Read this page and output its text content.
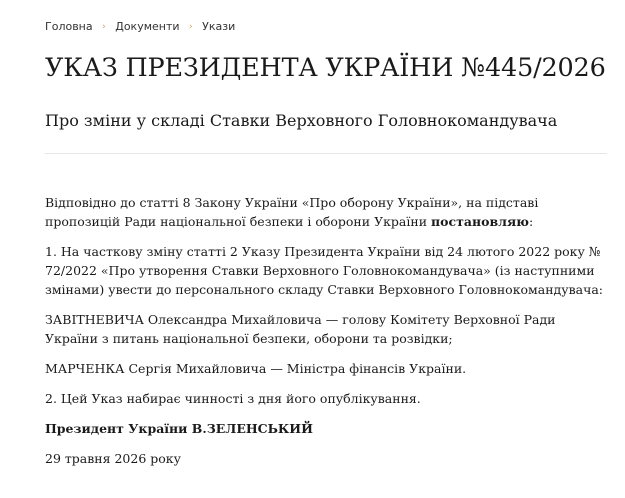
Головна › Документи › Укази
УКАЗ ПРЕЗИДЕНТА УКРАЇНИ №445/2026
Про зміни у складі Ставки Верховного Головнокомандувача

Відповідно до статті 8 Закону України «Про оборону України», на підставі пропозицій Ради національної безпеки і оборони України постановляю:

1. На часткову зміну статті 2 Указу Президента України від 24 лютого 2022 року № 72/2022 «Про утворення Ставки Верховного Головнокомандувача» (із наступними змінами) увести до персонального складу Ставки Верховного Головнокомандувача:

ЗАВІТНЕВИЧА Олександра Михайловича — голову Комітету Верховної Ради України з питань національної безпеки, оборони та розвідки;

МАРЧЕНКА Сергія Михайловича — Міністра фінансів України.

2. Цей Указ набирає чинності з дня його опублікування.

Президент України В.ЗЕЛЕНСЬКИЙ

29 травня 2026 року
